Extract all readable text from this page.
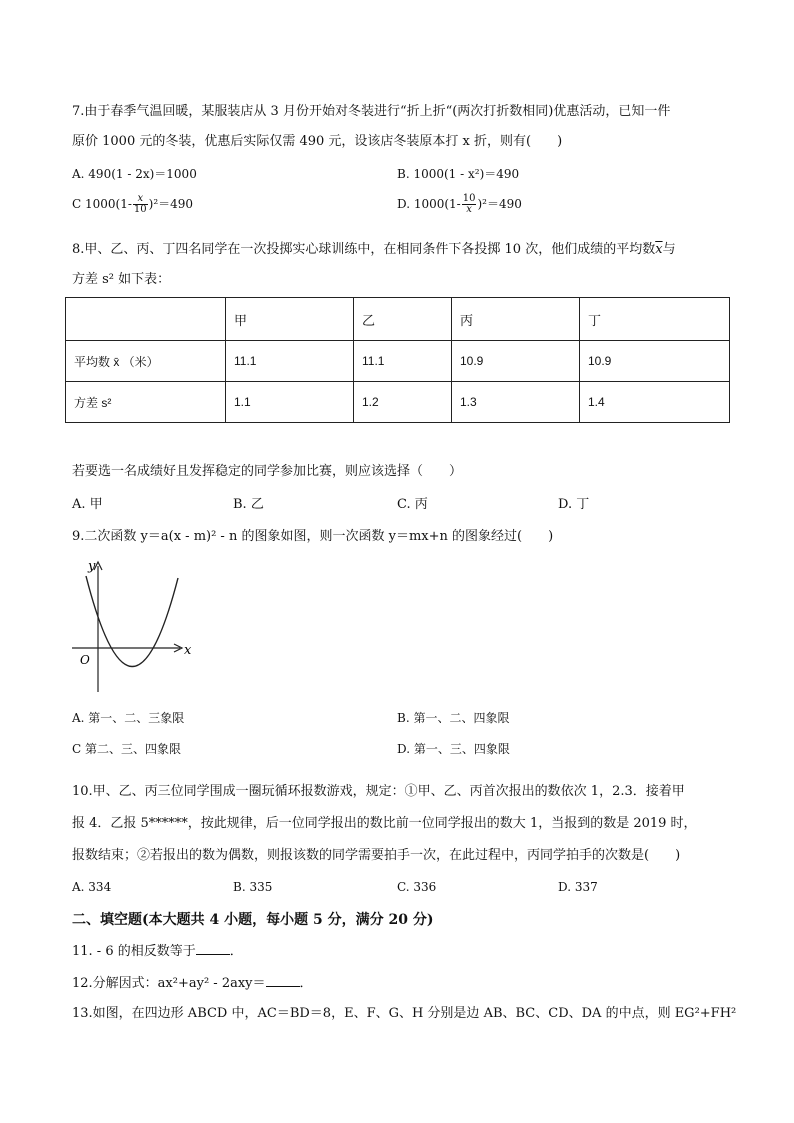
7.由于春季气温回暖，某服装店从 3 月份开始对冬装进行“折上折“(两次打折数相同)优惠活动，已知一件
原价 1000 元的冬装，优惠后实际仅需 490 元，设该店冬装原本打 x 折，则有(　　)
A. 490(1 - 2x)＝1000	B. 1000(1 - x²)＝490
C $1000(1- \frac{x}{10} )^2=490$	D. $1000(1- \frac{10}{x} )^2=490$
8.甲、乙、丙、丁四名同学在一次投掷实心球训练中，在相同条件下各投掷 10 次，他们成绩的平均数$\overline{x}$与
方差 s² 如下表：
	甲	乙	丙	丁
平均数 x̄ （米）	11.1	11.1	10.9	10.9
方差 s²	1.1	1.2	1.3	1.4
若要选一名成绩好且发挥稳定的同学参加比赛，则应该选择（　　）
A. 甲	B. 乙	C. 丙	D. 丁
9.二次函数 y＝a(x - m)² - n 的图象如图，则一次函数 y＝mx+n 的图象经过(　　)
y
x
O
A. 第一、二、三象限	B. 第一、二、四象限
C 第二、三、四象限	D. 第一、三、四象限
10.甲、乙、丙三位同学围成一圈玩循环报数游戏，规定：①甲、乙、丙首次报出的数依次 1，2.3．接着甲
报 4．乙报 5******，按此规律，后一位同学报出的数比前一位同学报出的数大 1，当报到的数是 2019 时，
报数结束；②若报出的数为偶数，则报该数的同学需要拍手一次，在此过程中，丙同学拍手的次数是(　　)
A. 334	B. 335	C. 336	D. 337
二、填空题(本大题共 4 小题，每小题 5 分，满分 20 分)
11. - 6 的相反数等于	．
12.分解因式：ax²+ay² - 2axy＝	．
13.如图，在四边形 ABCD 中，AC＝BD＝8，E、F、G、H 分别是边 AB、BC、CD、DA 的中点，则 EG²+FH²
